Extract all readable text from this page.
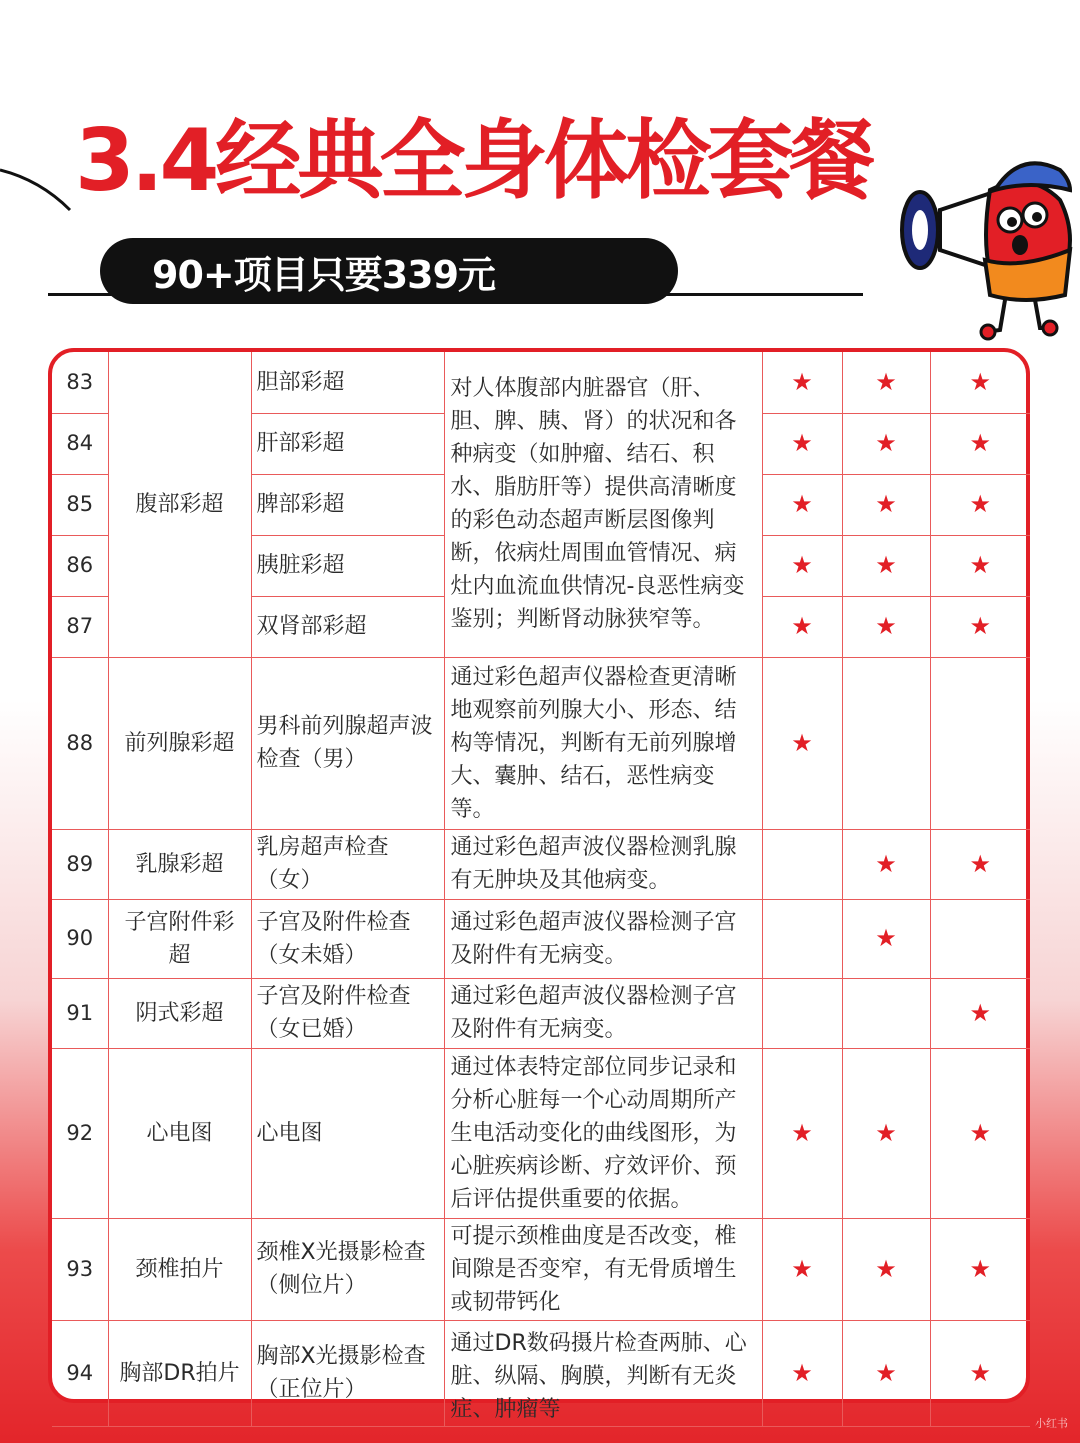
3.4经典全身体检套餐
90+项目只要339元
83	腹部彩超	胆部彩超	对人体腹部内脏器官（肝、胆、脾、胰、肾）的状况和各种病变（如肿瘤、结石、积水、脂肪肝等）提供高清晰度的彩色动态超声断层图像判断，依病灶周围血管情况、病灶内血流血供情况-良恶性病变鉴别；判断肾动脉狭窄等。	★	★	★
84		肝部彩超		★	★	★
85		脾部彩超		★	★	★
86		胰脏彩超		★	★	★
87		双肾部彩超		★	★	★
88	前列腺彩超	男科前列腺超声波检查（男）	通过彩色超声仪器检查更清晰地观察前列腺大小、形态、结构等情况，判断有无前列腺增大、囊肿、结石，恶性病变等。	★		
89	乳腺彩超	乳房超声检查（女）	通过彩色超声波仪器检测乳腺有无肿块及其他病变。		★	★
90	子宫附件彩超	子宫及附件检查（女未婚）	通过彩色超声波仪器检测子宫及附件有无病变。		★	
91	阴式彩超	子宫及附件检查（女已婚）	通过彩色超声波仪器检测子宫及附件有无病变。			★
92	心电图	心电图	通过体表特定部位同步记录和分析心脏每一个心动周期所产生电活动变化的曲线图形，为心脏疾病诊断、疗效评价、预后评估提供重要的依据。	★	★	★
93	颈椎拍片	颈椎X光摄影检查（侧位片）	可提示颈椎曲度是否改变，椎间隙是否变窄，有无骨质增生或韧带钙化	★	★	★
94	胸部DR拍片	胸部X光摄影检查（正位片）	通过DR数码摄片检查两肺、心脏、纵隔、胸膜，判断有无炎症、肿瘤等	★	★	★
小红书
